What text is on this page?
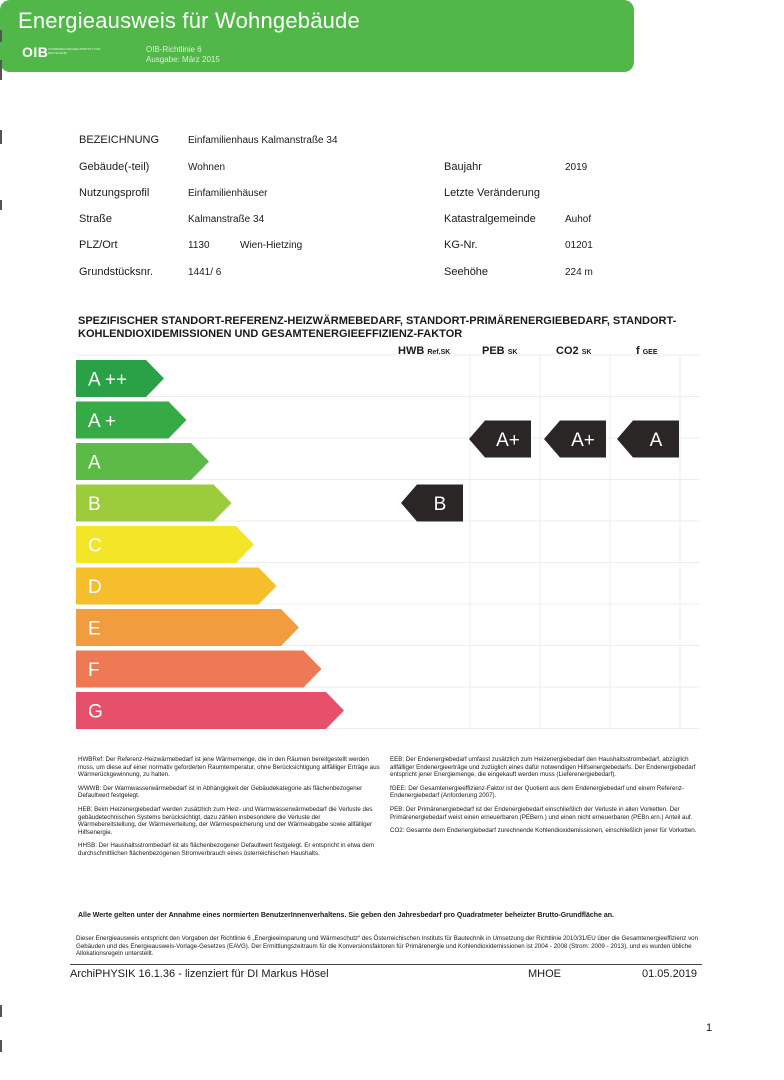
Energieausweis für Wohngebäude
OIB ÖSTERREICHISCHES INSTITUT FÜR BAUTECHNIK	OIB-Richtlinie 6
Ausgabe: März 2015
BEZEICHNUNG	Einfamilienhaus Kalmanstraße 34
Gebäude(-teil)	Wohnen	Baujahr	2019
Nutzungsprofil	Einfamilienhäuser	Letzte Veränderung
Straße	Kalmanstraße 34	Katastralgemeinde	Auhof
PLZ/Ort	1130	Wien-Hietzing	KG-Nr.	01201
Grundstücksnr.	1441/ 6	Seehöhe	224 m
SPEZIFISCHER STANDORT-REFERENZ-HEIZWÄRMEBEDARF, STANDORT-PRIMÄRENERGIEBEDARF, STANDORT-KOHLENDIOXIDEMISSIONEN UND GESAMTENERGIEEFFIZIENZ-FAKTOR
HWB Ref,SK	PEB SK	CO2 SK	f GEE
A ++
A +
A
B
C
D
E
F
G
B
A+	A+	A

HWBRef: Der Referenz-Heizwärmebedarf ist jene Wärmemenge, die in den Räumen bereitgestellt werden muss, um diese auf einer normativ geforderten Raumtemperatur, ohne Berücksichtigung allfälliger Erträge aus Wärmerückgewinnung, zu halten.

WWWB: Der Warmwasserwärmebedarf ist in Abhängigkeit der Gebäudekategorie als flächenbezogener Defaultwert festgelegt.

HEB: Beim Heizenergiebedarf werden zusätzlich zum Heiz- und Warmwasserwärmebedarf die Verluste des gebäudetechnischen Systems berücksichtigt, dazu zählen insbesondere die Verluste der Wärmebereitstellung, der Wärmeverteilung, der Wärmespeicherung und der Wärmeabgabe sowie allfälliger Hilfsenergie.

HHSB: Der Haushaltsstrombedarf ist als flächenbezogener Defaultwert festgelegt. Er entspricht in etwa dem durchschnittlichen flächenbezogenen Stromverbrauch eines österreichischen Haushalts.

EEB: Der Endenergiebedarf umfasst zusätzlich zum Heizenergiebedarf den Haushaltsstrombedarf, abzüglich allfälliger Endenergieerträge und zuzüglich eines dafür notwendigen Hilfsenergiebedarfs. Der Endenergiebedarf entspricht jener Energiemenge, die eingekauft werden muss (Lieferenergiebedarf).

fGEE: Der Gesamtenergieeffizienz-Faktor ist der Quotient aus dem Endenergiebedarf und einem Referenz-Endenergiebedarf (Anforderung 2007).

PEB: Der Primärenergiebedarf ist der Endenergiebedarf einschließlich der Verluste in allen Vorketten. Der Primärenergiebedarf weist einen erneuerbaren (PEBern.) und einen nicht erneuerbaren (PEBn.ern.) Anteil auf.

CO2: Gesamte dem Endenergiebedarf zurechnende Kohlendioxidemissionen, einschließlich jener für Vorketten.

Alle Werte gelten unter der Annahme eines normierten BenutzerInnenverhaltens. Sie geben den Jahresbedarf pro Quadratmeter beheizter Brutto-Grundfläche an.
Dieser Energieausweis entspricht den Vorgaben der Richtlinie 6 „Energieeinsparung und Wärmeschutz“ des Österreichischen Instituts für Bautechnik in Umsetzung der Richtlinie 2010/31/EU über die Gesamtenergieeffizienz von Gebäuden und des Energieausweis-Vorlage-Gesetzes (EAVG). Der Ermittlungszeitraum für die Konversionsfaktoren für Primärenergie und Kohlendioxidemissionen ist 2004 - 2008 (Strom: 2009 - 2013), und es wurden übliche Allokationsregeln unterstellt.
ArchiPHYSIK 16.1.36 - lizenziert für DI Markus Hösel	MHOE	01.05.2019
1
